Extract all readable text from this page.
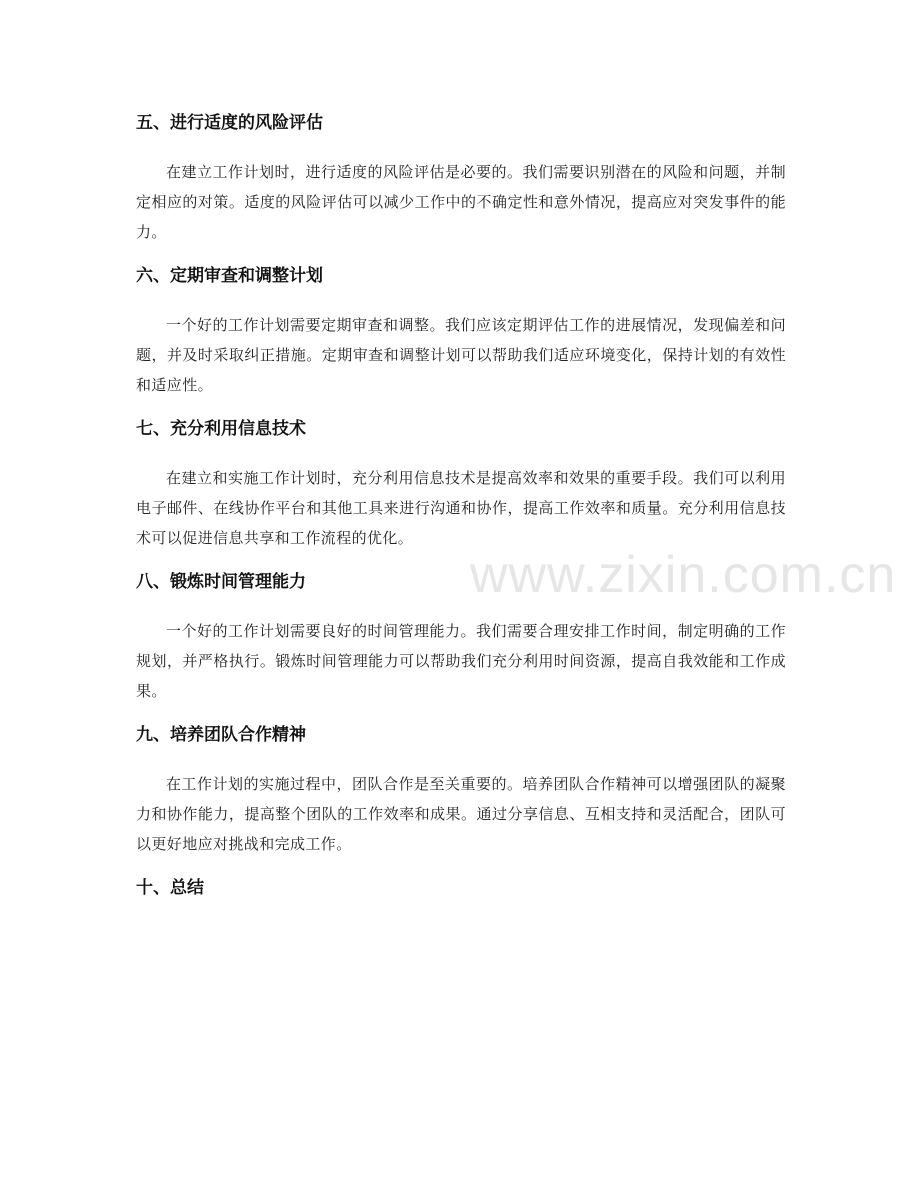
www.zixin.com.cn
五、进行适度的风险评估

在建立工作计划时，进行适度的风险评估是必要的。我们需要识别潜在的风险和问题，并制定相应的对策。适度的风险评估可以减少工作中的不确定性和意外情况，提高应对突发事件的能力。

六、定期审查和调整计划

一个好的工作计划需要定期审查和调整。我们应该定期评估工作的进展情况，发现偏差和问题，并及时采取纠正措施。定期审查和调整计划可以帮助我们适应环境变化，保持计划的有效性和适应性。

七、充分利用信息技术

在建立和实施工作计划时，充分利用信息技术是提高效率和效果的重要手段。我们可以利用电子邮件、在线协作平台和其他工具来进行沟通和协作，提高工作效率和质量。充分利用信息技术可以促进信息共享和工作流程的优化。

八、锻炼时间管理能力

一个好的工作计划需要良好的时间管理能力。我们需要合理安排工作时间，制定明确的工作规划，并严格执行。锻炼时间管理能力可以帮助我们充分利用时间资源，提高自我效能和工作成果。

九、培养团队合作精神

在工作计划的实施过程中，团队合作是至关重要的。培养团队合作精神可以增强团队的凝聚力和协作能力，提高整个团队的工作效率和成果。通过分享信息、互相支持和灵活配合，团队可以更好地应对挑战和完成工作。

十、总结
